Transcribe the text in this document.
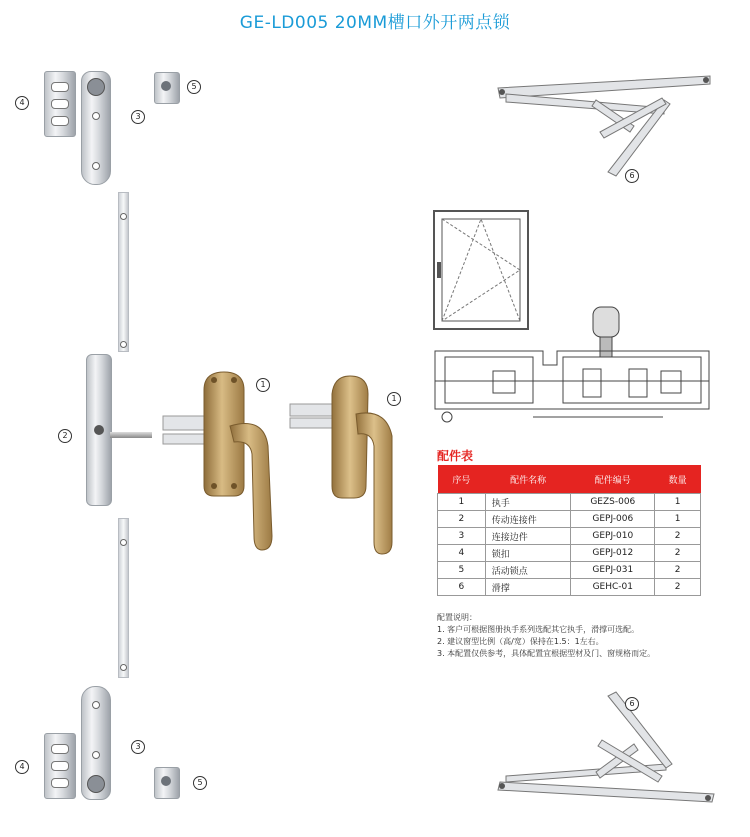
GE-LD005 20MM槽口外开两点锁
4
3
5
2
1
1
3
4
5
6
配件表
序号	配件名称	配件编号	数量
1	执手	GEZS-006	1
2	传动连接件	GEPJ-006	1
3	连接边件	GEPJ-010	2
4	锁扣	GEPJ-012	2
5	活动锁点	GEPJ-031	2
6	滑撑	GEHC-01	2
配置说明：
1. 客户可根据图册执手系列选配其它执手，滑撑可选配。
2. 建议窗型比例（高/宽）保持在1.5：1左右。
3. 本配置仅供参考，具体配置宜根据型材及门、窗规格而定。
6
